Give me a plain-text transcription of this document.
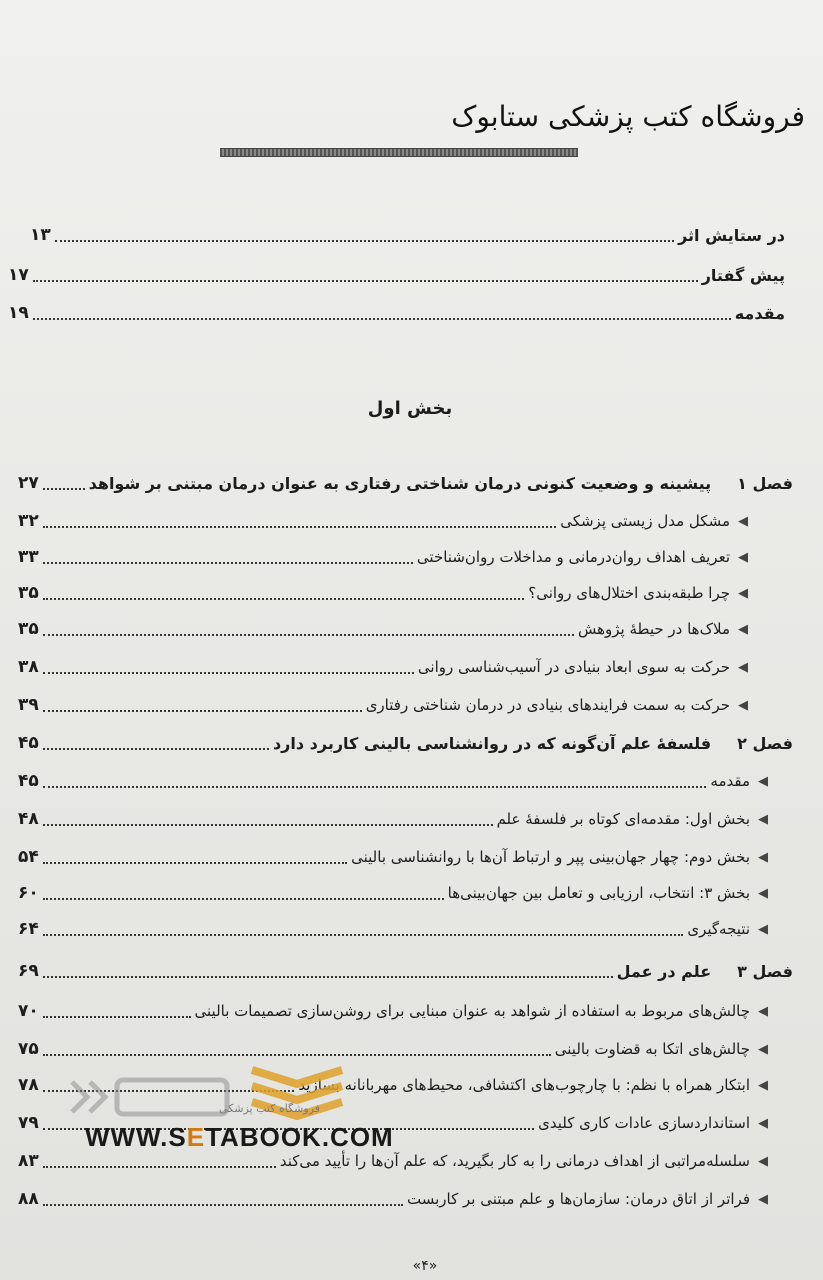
فروشگاه کتب پزشکی ستابوک
در ستایش اثر
۱۳
پیش گفتار
۱۷
مقدمه
۱۹
بخش اول
فصل ۱
پیشینه و وضعیت کنونی درمان شناختی رفتاری به عنوان درمان مبتنی بر شواهد
۲۷
◀
مشکل مدل زیستی پزشکی
۳۲
◀
تعریف اهداف روان‌درمانی و مداخلات روان‌شناختی
۳۳
◀
چرا طبقه‌بندی اختلال‌های روانی؟
۳۵
◀
ملاک‌ها در حیطهٔ پژوهش
۳۵
◀
حرکت به سوی ابعاد بنیادی در آسیب‌شناسی روانی
۳۸
◀
حرکت به سمت فرایندهای بنیادی در درمان شناختی رفتاری
۳۹
فصل ۲
فلسفهٔ علم آن‌گونه که در روانشناسی بالینی کاربرد دارد
۴۵
◀
مقدمه
۴۵
◀
بخش اول: مقدمه‌ای کوتاه بر فلسفهٔ علم
۴۸
◀
بخش دوم: چهار جهان‌بینی پپر و ارتباط آن‌ها با روانشناسی بالینی
۵۴
◀
بخش ۳: انتخاب، ارزیابی و تعامل بین جهان‌بینی‌ها
۶۰
◀
نتیجه‌گیری
۶۴
فصل ۳
علم در عمل
۶۹
◀
چالش‌های مربوط به استفاده از شواهد به عنوان مبنایی برای روشن‌سازی تصمیمات بالینی
۷۰
◀
چالش‌های اتکا به قضاوت بالینی
۷۵
◀
ابتکار همراه با نظم: با چارچوب‌های اکتشافی، محیط‌های مهربانانه بسازید
۷۸
◀
استانداردسازی عادات کاری کلیدی
۷۹
◀
سلسله‌مراتبی از اهداف درمانی را به کار بگیرید، که علم آن‌ها را تأیید می‌کند
۸۳
◀
فراتر از اتاق درمان: سازمان‌ها و علم مبتنی بر کاربست
۸۸
فروشگاه کتب پزشکی
WWW.SETABOOK.COM
«۴»
